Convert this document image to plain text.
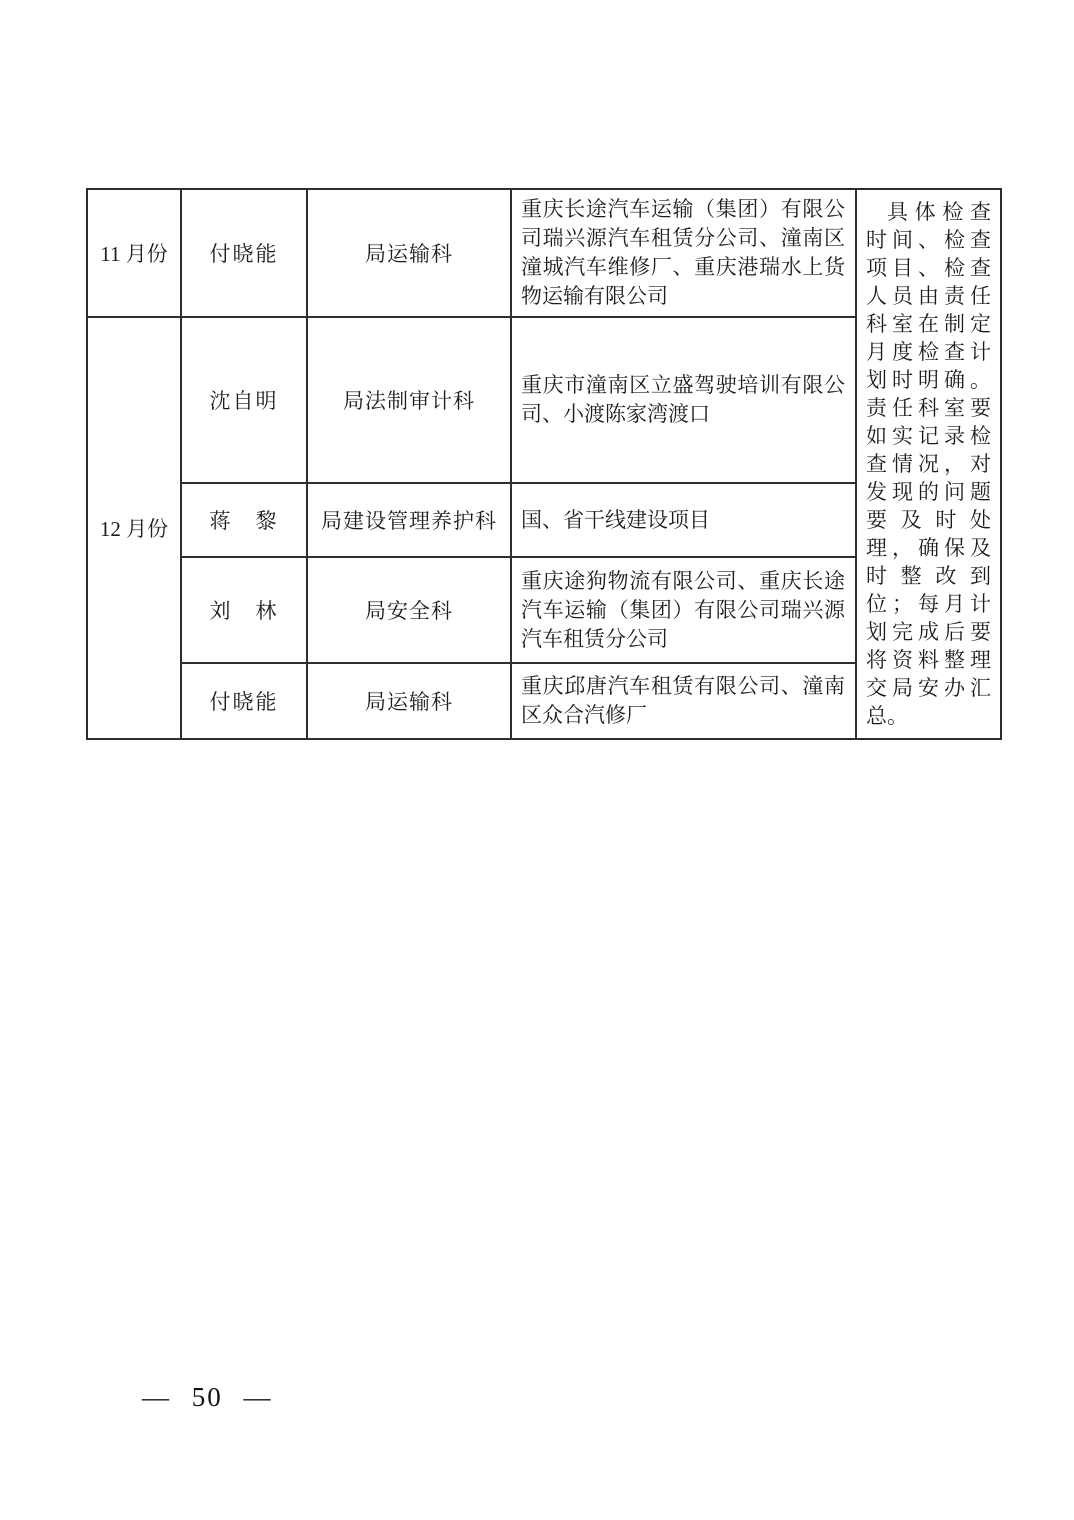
11 月份	付晓能	局运输科	重庆长途汽车运输（集团）有限公司瑞兴源汽车租赁分公司、潼南区潼城汽车维修厂、重庆港瑞水上货物运输有限公司	具体检查时间、检查项目、检查人员由责任科室在制定月度检查计划时明确。责任科室要如实记录检查情况，对发现的问题要及时处理，确保及时整改到位；每月计划完成后要将资料整理交局安办汇总。
12 月份	沈自明	局法制审计科	重庆市潼南区立盛驾驶培训有限公司、小渡陈家湾渡口	
	蒋　黎	局建设管理养护科	国、省干线建设项目	
	刘　林	局安全科	重庆途狗物流有限公司、重庆长途汽车运输（集团）有限公司瑞兴源汽车租赁分公司	
	付晓能	局运输科	重庆邱唐汽车租赁有限公司、潼南区众合汽修厂	
— 50 —
